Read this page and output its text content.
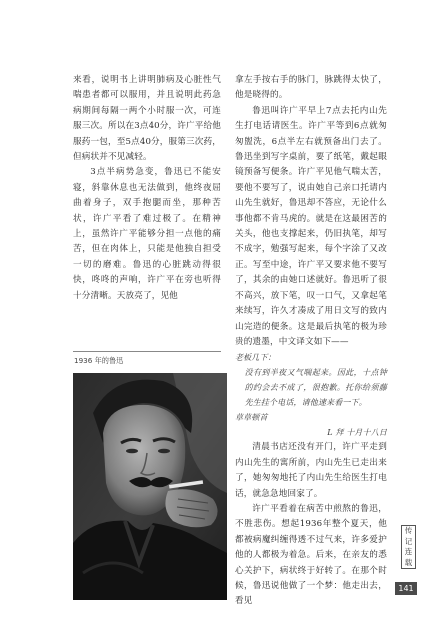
来看，说明书上讲明肺病及心脏性气喘患者都可以服用，并且说明此药急病期间每隔一两个小时服一次，可连服三次。所以在3点40分，许广平给他服药一包，至5点40分，服第三次药，但病状并不见减轻。

3点半病势急变，鲁迅已不能安寝，斜靠休息也无法做到，他终夜屈曲着身子，双手抱腿而坐，那种苦状，许广平看了难过极了。在精神上，虽然许广平能够分担一点他的痛苦，但在肉体上，只能是他独自担受一切的磨难。鲁迅的心脏跳动得很快，咚咚的声响，许广平在旁也听得十分清晰。天放亮了，见他

1936 年的鲁迅

拿左手按右手的脉门，脉跳得太快了，他是晓得的。

鲁迅叫许广平早上7点去托内山先生打电话请医生。许广平等到6点就匆匆盥洗，6点半左右就预备出门去了。鲁迅坐到写字桌前，要了纸笔，戴起眼镜预备写便条。许广平见他气喘太苦，要他不要写了，说由她自己亲口托请内山先生就好，鲁迅却不答应，无论什么事他都不肯马虎的。就是在这最困苦的关头，他也支撑起来，仍旧执笔，却写不成字，勉强写起来，每个字涂了又改正。写至中途，许广平又要求他不要写了，其余的由她口述就好。鲁迅听了很不高兴，放下笔，叹一口气，又拿起笔来续写，许久才凑成了用日文写的致内山完造的便条。这是最后执笔的极为珍贵的遗墨，中文译文如下——

老板几下：

没有到半夜又气喘起来。因此，十点钟的约会去不成了，很抱歉。托你给须藤先生挂个电话，请他速来看一下。

草草顿首

L 拜 十月十八日

清晨书店还没有开门，许广平走到内山先生的寓所前，内山先生已走出来了，她匆匆地托了内山先生给医生打电话，就急急地回家了。

许广平看着在病苦中煎熬的鲁迅，不胜悲伤。想起1936年整个夏天，他都被病魔纠缠得透不过气来，许多爱护他的人都极为着急。后来，在亲友的悉心关护下，病状终于好转了。在那个时候，鲁迅说他做了一个梦：他走出去，看见

传
记
连
载
141
